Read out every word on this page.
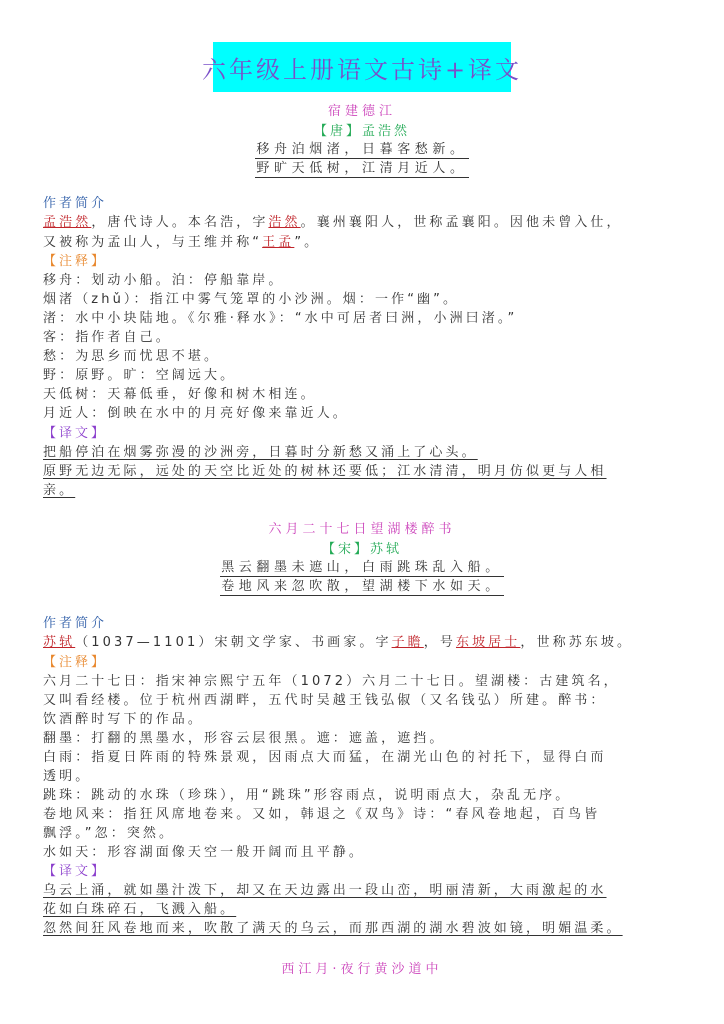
六年级上册语文古诗+译文
宿建德江
【唐】孟浩然
移舟泊烟渚，日暮客愁新。
野旷天低树，江清月近人。
作者简介
孟浩然，唐代诗人。本名浩，字浩然。襄州襄阳人，世称孟襄阳。因他未曾入仕，
又被称为孟山人，与王维并称“王孟”。
【注释】
移舟：划动小船。泊：停船靠岸。
烟渚（zhǔ）：指江中雾气笼罩的小沙洲。烟：一作“幽”。
渚：水中小块陆地。《尔雅·释水》：“水中可居者曰洲，小洲曰渚。”
客：指作者自己。
愁：为思乡而忧思不堪。
野：原野。旷：空阔远大。
天低树：天幕低垂，好像和树木相连。
月近人：倒映在水中的月亮好像来靠近人。
【译文】
把船停泊在烟雾弥漫的沙洲旁，日暮时分新愁又涌上了心头。
原野无边无际，远处的天空比近处的树林还要低；江水清清，明月仿似更与人相
亲。
六月二十七日望湖楼醉书
【宋】苏轼
黑云翻墨未遮山，白雨跳珠乱入船。
卷地风来忽吹散，望湖楼下水如天。
作者简介
苏轼（1037—1101）宋朝文学家、书画家。字子瞻，号东坡居士，世称苏东坡。
【注释】
六月二十七日：指宋神宗熙宁五年（1072）六月二十七日。望湖楼：古建筑名，
又叫看经楼。位于杭州西湖畔，五代时吴越王钱弘俶（又名钱弘）所建。醉书：
饮酒醉时写下的作品。
翻墨：打翻的黑墨水，形容云层很黑。遮：遮盖，遮挡。
白雨：指夏日阵雨的特殊景观，因雨点大而猛，在湖光山色的衬托下，显得白而
透明。
跳珠：跳动的水珠（珍珠），用“跳珠”形容雨点，说明雨点大，杂乱无序。
卷地风来：指狂风席地卷来。又如，韩退之《双鸟》诗：“春风卷地起，百鸟皆
飘浮。”忽：突然。
水如天：形容湖面像天空一般开阔而且平静。
【译文】
乌云上涌，就如墨汁泼下，却又在天边露出一段山峦，明丽清新，大雨激起的水
花如白珠碎石，飞溅入船。
忽然间狂风卷地而来，吹散了满天的乌云，而那西湖的湖水碧波如镜，明媚温柔。
西江月·夜行黄沙道中
